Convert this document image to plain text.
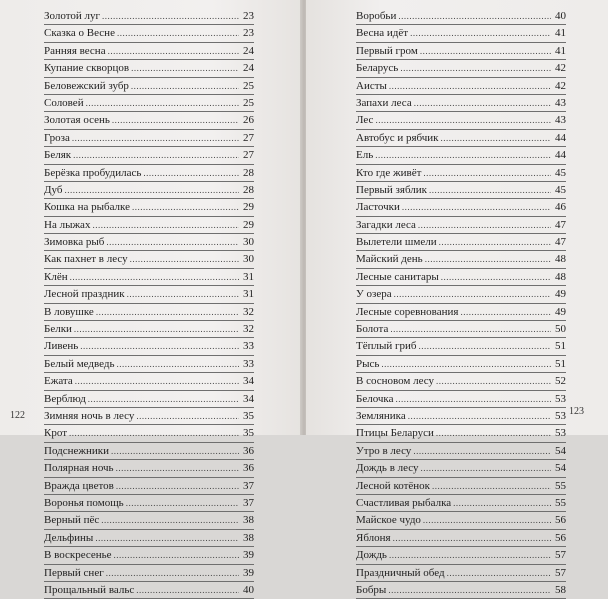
Золотой луг .....	23
Сказка о Весне .....	23
Ранняя весна .....	24
Купание скворцов .....	24
Беловежский зубр .....	25
Соловей .....	25
Золотая осень .....	26
Гроза .....	27
Беляк .....	27
Берёзка пробудилась .....	28
Дуб .....	28
Кошка на рыбалке .....	29
На лыжах .....	29
Зимовка рыб .....	30
Как пахнет в лесу .....	30
Клён .....	31
Лесной праздник .....	31
В ловушке .....	32
Белки .....	32
Ливень .....	33
Белый медведь .....	33
Ежата .....	34
Верблюд .....	34
Зимняя ночь в лесу .....	35
Крот .....	35
Подснежники .....	36
Полярная ночь .....	36
Вражда цветов .....	37
Воронья помощь .....	37
Верный пёс .....	38
Дельфины .....	38
В воскресенье .....	39
Первый снег .....	39
Прощальный вальс .....	40
122
Воробьи .....	40
Весна идёт .....	41
Первый гром .....	41
Беларусь .....	42
Аисты .....	42
Запахи леса .....	43
Лес .....	43
Автобус и рябчик .....	44
Ель .....	44
Кто где живёт .....	45
Первый зяблик .....	45
Ласточки .....	46
Загадки леса .....	47
Вылетели шмели .....	47
Майский день .....	48
Лесные санитары .....	48
У озера .....	49
Лесные соревнования .....	49
Болота .....	50
Тёплый гриб .....	51
Рысь .....	51
В сосновом лесу .....	52
Белочка .....	53
Земляника .....	53
Птицы Беларуси .....	53
Утро в лесу .....	54
Дождь в лесу .....	54
Лесной котёнок .....	55
Счастливая рыбалка .....	55
Майское чудо .....	56
Яблоня .....	56
Дождь .....	57
Праздничный обед .....	57
Бобры .....	58
123
